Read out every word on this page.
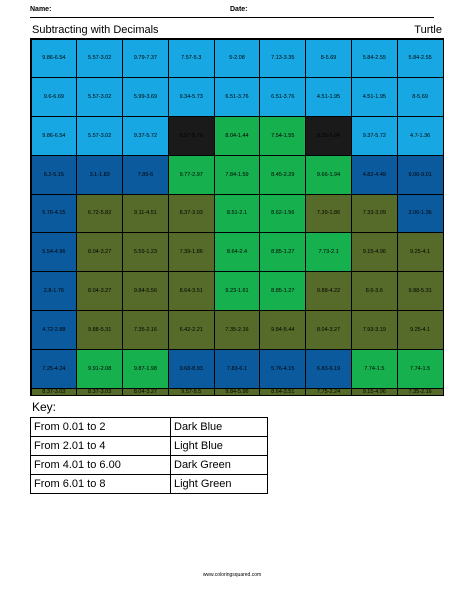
Name:	Date:
Subtracting with Decimals	Turtle
9.86-6.54	5.57-3.02	9.79-7.37	7.57-5.3	5-2.08	7.13-3.35	8-5.69	5.84-2.55	5.84-2.55
9.6-6.69	5.57-3.02	5.99-3.69	9.34-5.73	6.51-3.76	6.51-3.76	4.51-1.95	4.51-1.95	8-5.69
9.86-6.54	5.57-3.02	9.37-5.72	8.97-5.76	8.04-1.44	7.54-1.55	8.25-1.04	9.37-5.72	4.7-1.36
6.2-5.15	3.1-1.83	7.89-6	9.77-2.97	7.84-1.59	8.45-2.29	9.66-1.94	4.82-4.49	9.06-9.01
5.76-4.15	6.72-5.82	9.11-4.51	8.37-3.03	8.51-2.1	8.62-1.56	7.39-1.86	7.33-3.09	2.06-1.36
5.54-4.96	8.04-3.27	5.59-1.23	7.39-1.86	8.64-2.4	8.85-1.27	7.73-2.1	9.15-4.96	9.25-4.1
2.8-1.76	8.04-3.27	9.84-5.56	8.64-3.51	9.23-1.61	8.85-1.27	9.88-4.22	8.6-3.6	9.88-5.31
4.72-2.88	9.88-5.31	7.35-2.16	6.42-2.21	7.35-2.16	9.84-5.44	8.04-3.27	7.93-3.19	9.25-4.1
7.25-4.24	9.91-2.08	9.87-1.98	9.68-8.93	7.83-6.1	5.76-4.15	6.83-6.19	7.74-1.5	7.74-1.5
8.37-3.03	8.37-3.03	8.04-3.27	9.57-5.5	9.84-5.96	8.64-3.51	7.75-2.24	9.15-4.96	7.35-2.16
Key:
From 0.01 to 2	Dark Blue
From 2.01 to 4	Light Blue
From 4.01 to 6.00	Dark Green
From 6.01 to 8	Light Green
www.coloringsquared.com
